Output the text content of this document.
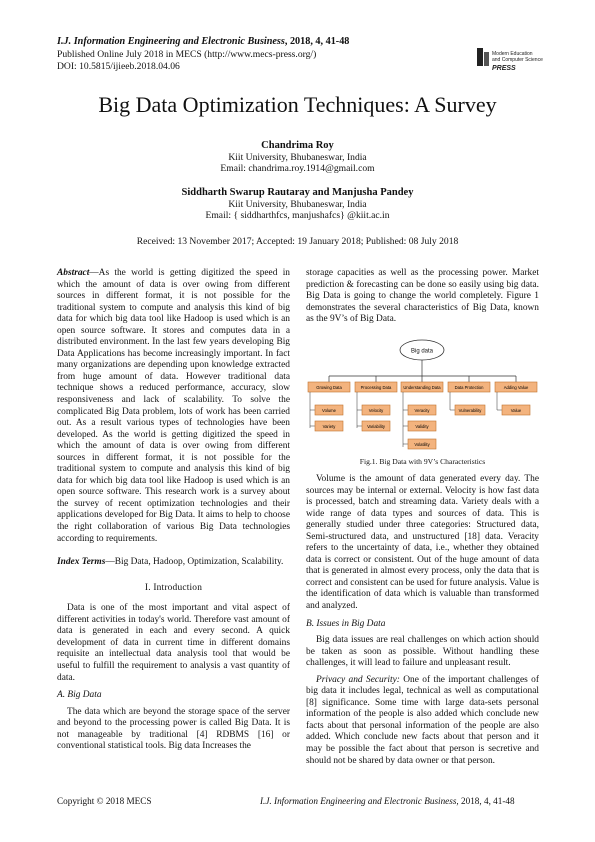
I.J. Information Engineering and Electronic Business, 2018, 4, 41-48
Published Online July 2018 in MECS (http://www.mecs-press.org/)
DOI: 10.5815/ijieeb.2018.04.06
Modern Education
and Computer Science
PRESS
Big Data Optimization Techniques: A Survey
Chandrima Roy
Kiit University, Bhubaneswar, India
Email: chandrima.roy.1914@gmail.com
Siddharth Swarup Rautaray and Manjusha Pandey
Kiit University, Bhubaneswar, India
Email: { siddharthfcs, manjushafcs} @kiit.ac.in
Received: 13 November 2017; Accepted: 19 January 2018; Published: 08 July 2018

Abstract—As the world is getting digitized the speed in which the amount of data is over owing from different sources in different format, it is not possible for the traditional system to compute and analysis this kind of big data for which big data tool like Hadoop is used which is an open source software. It stores and computes data in a distributed environment. In the last few years developing Big Data Applications has become increasingly important. In fact many organizations are depending upon knowledge extracted from huge amount of data. However traditional data technique shows a reduced performance, accuracy, slow responsiveness and lack of scalability. To solve the complicated Big Data problem, lots of work has been carried out. As a result various types of technologies have been developed. As the world is getting digitized the speed in which the amount of data is over owing from different sources in different format, it is not possible for the traditional system to compute and analysis this kind of big data for which big data tool like Hadoop is used which is an open source software. This research work is a survey about the survey of recent optimization technologies and their applications developed for Big Data. It aims to help to choose the right collaboration of various Big Data technologies according to requirements.

Index Terms—Big Data, Hadoop, Optimization, Scalability.

I. Introduction

Data is one of the most important and vital aspect of different activities in today's world. Therefore vast amount of data is generated in each and every second. A quick development of data in current time in different domains requisite an intellectual data analysis tool that would be useful to fulfill the requirement to analysis a vast quantity of data.

A. Big Data

The data which are beyond the storage space of the server and beyond to the processing power is called Big Data. It is not manageable by traditional [4] RDBMS [16] or conventional statistical tools. Big data Increases the

storage capacities as well as the processing power. Market prediction & forecasting can be done so easily using big data. Big Data is going to change the world completely. Figure 1 demonstrates the several characteristics of Big Data, known as the 9V’s of Big Data.

Big data
Growing Data	Processing Data	Understanding Data	Data Protection	Adding Value
Volume
Variety
Velocity
Variability
Veracity
Validity
Volatility
Vulnerability	Value
Fig.1. Big Data with 9V’s Characteristics

Volume is the amount of data generated every day. The sources may be internal or external. Velocity is how fast data is processed, batch and streaming data. Variety deals with a wide range of data types and sources of data. This is generally studied under three categories: Structured data, Semi-structured data, and unstructured [18] data. Veracity refers to the uncertainty of data, i.e., whether they obtained data is correct or consistent. Out of the huge amount of data that is generated in almost every process, only the data that is correct and consistent can be used for future analysis. Value is the identification of data which is valuable than transformed and analyzed.

B. Issues in Big Data

Big data issues are real challenges on which action should be taken as soon as possible. Without handling these challenges, it will lead to failure and unpleasant result.

Privacy and Security: One of the important challenges of big data it includes legal, technical as well as computational [8] significance. Some time with large data-sets personal information of the people is also added which conclude new facts about that personal information of the people are also added. Which conclude new facts about that person and it may be possible the fact about that person is secretive and should not be shared by data owner or that person.

Copyright © 2018 MECS	I.J. Information Engineering and Electronic Business, 2018, 4, 41-48
